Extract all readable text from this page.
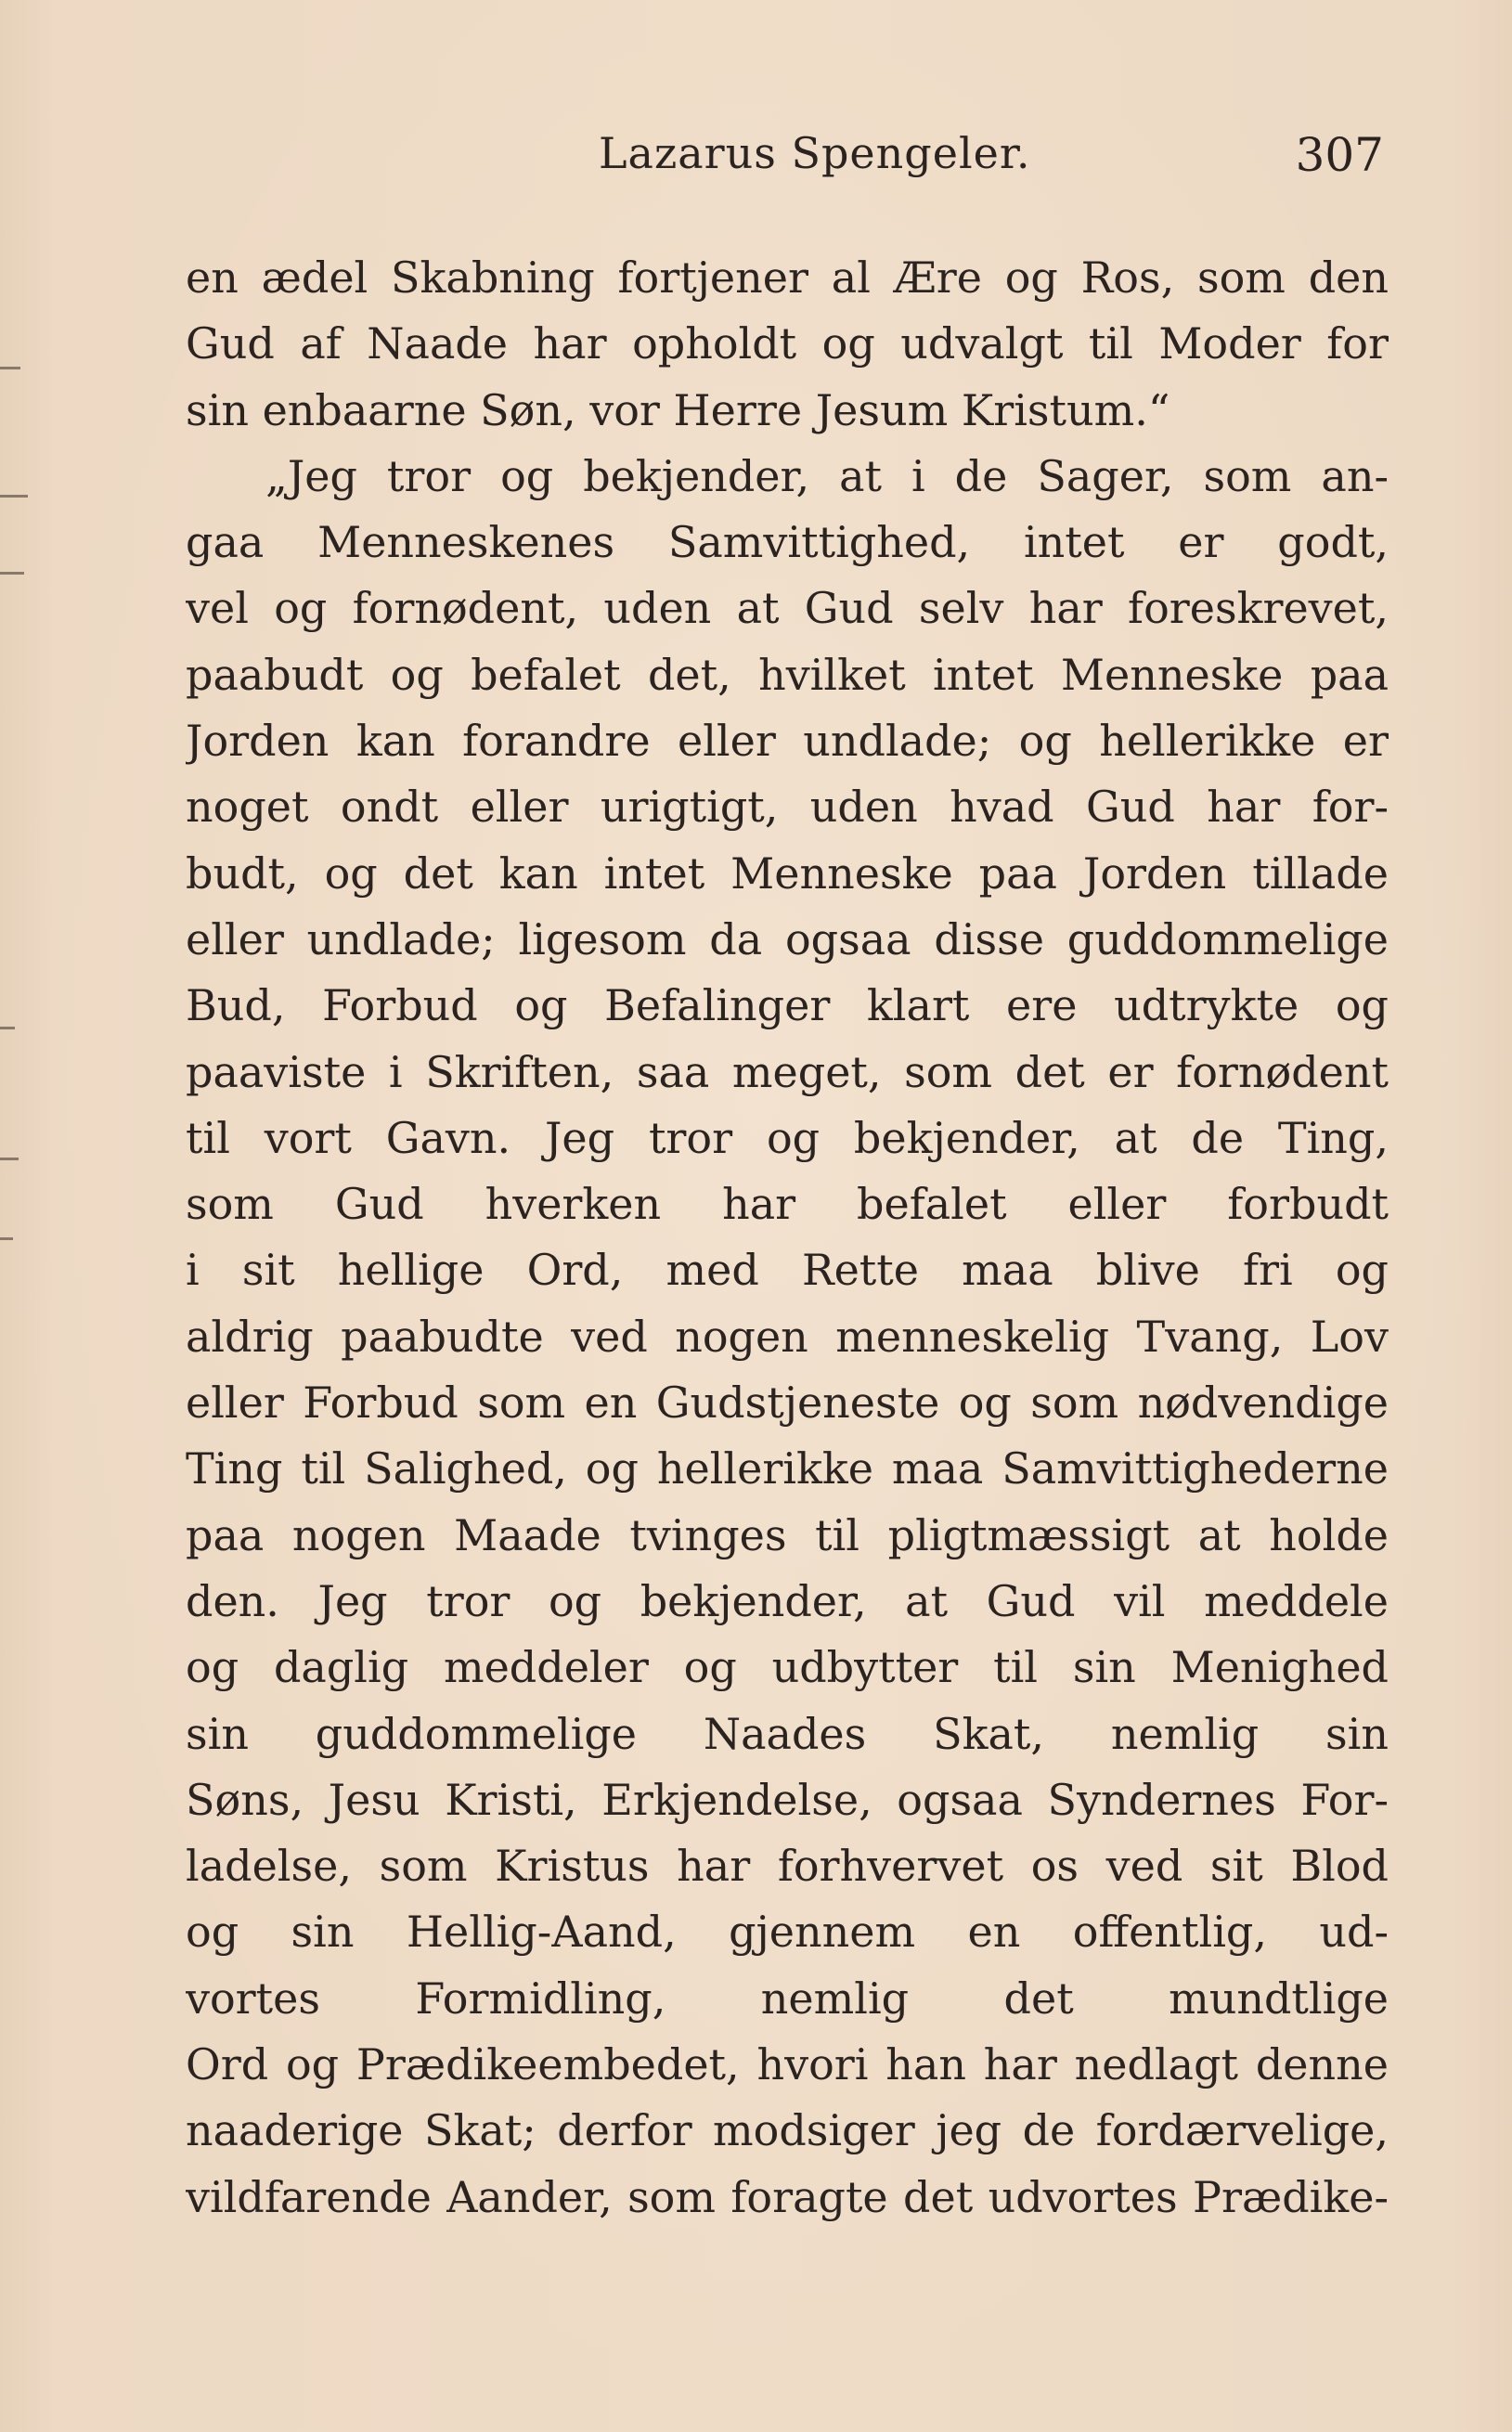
Lazarus Spengeler.	307
en ædel Skabning fortjener al Ære og Ros, som den
Gud af Naade har opholdt og udvalgt til Moder for
sin enbaarne Søn, vor Herre Jesum Kristum.“
„Jeg tror og bekjender, at i de Sager, som an-
gaa Menneskenes Samvittighed, intet er godt,
vel og fornødent, uden at Gud selv har foreskrevet,
paabudt og befalet det, hvilket intet Menneske paa
Jorden kan forandre eller undlade; og hellerikke er
noget ondt eller urigtigt, uden hvad Gud har for-
budt, og det kan intet Menneske paa Jorden tillade
eller undlade; ligesom da ogsaa disse guddommelige
Bud, Forbud og Befalinger klart ere udtrykte og
paaviste i Skriften, saa meget, som det er fornødent
til vort Gavn. Jeg tror og bekjender, at de Ting,
som Gud hverken har befalet eller forbudt
i sit hellige Ord, med Rette maa blive fri og
aldrig paabudte ved nogen menneskelig Tvang, Lov
eller Forbud som en Gudstjeneste og som nødvendige
Ting til Salighed, og hellerikke maa Samvittighederne
paa nogen Maade tvinges til pligtmæssigt at holde
den. Jeg tror og bekjender, at Gud vil meddele
og daglig meddeler og udbytter til sin Menighed
sin guddommelige Naades Skat, nemlig sin
Søns, Jesu Kristi, Erkjendelse, ogsaa Syndernes For-
ladelse, som Kristus har forhvervet os ved sit Blod
og sin Hellig-Aand, gjennem en offentlig, ud-
vortes Formidling, nemlig det mundtlige
Ord og Prædikeembedet, hvori han har nedlagt denne
naaderige Skat; derfor modsiger jeg de fordærvelige,
vildfarende Aander, som foragte det udvortes Prædike-
